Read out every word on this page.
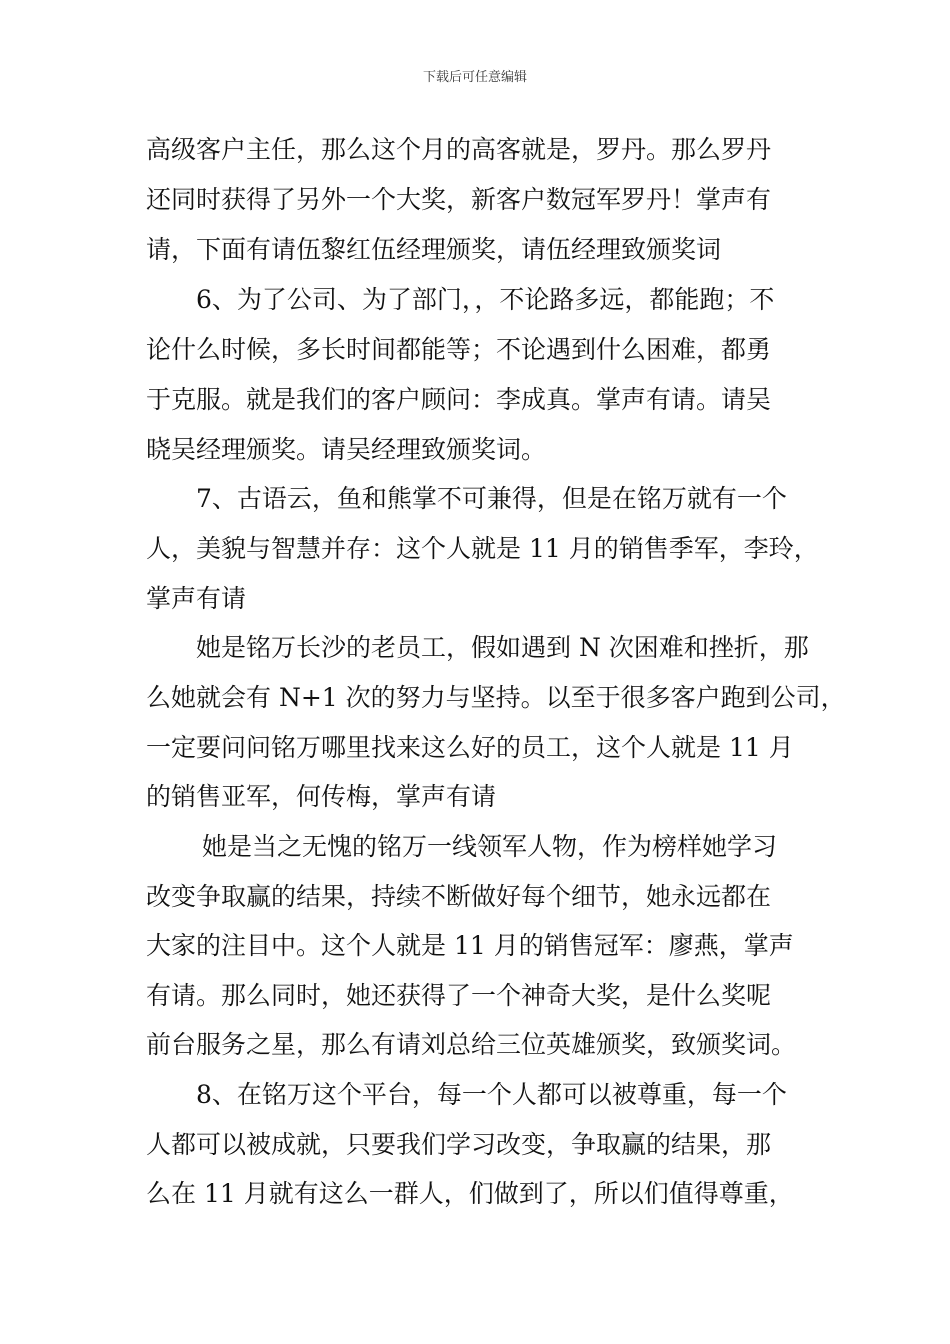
下载后可任意编辑
高级客户主任，那么这个月的高客就是，罗丹。那么罗丹
还同时获得了另外一个大奖，新客户数冠军罗丹！掌声有
请，下面有请伍黎红伍经理颁奖，请伍经理致颁奖词
6、为了公司、为了部门，，不论路多远，都能跑；不
论什么时候，多长时间都能等；不论遇到什么困难，都勇
于克服。就是我们的客户顾问：李成真。掌声有请。请吴
晓吴经理颁奖。请吴经理致颁奖词。
7、古语云，鱼和熊掌不可兼得，但是在铭万就有一个
人，美貌与智慧并存：这个人就是 11 月的销售季军，李玲，
掌声有请
她是铭万长沙的老员工，假如遇到 N 次困难和挫折，那
么她就会有 N+1 次的努力与坚持。以至于很多客户跑到公司，
一定要问问铭万哪里找来这么好的员工，这个人就是 11 月
的销售亚军，何传梅，掌声有请
她是当之无愧的铭万一线领军人物，作为榜样她学习
改变争取赢的结果，持续不断做好每个细节，她永远都在
大家的注目中。这个人就是 11 月的销售冠军：廖燕，掌声
有请。那么同时，她还获得了一个神奇大奖，是什么奖呢
前台服务之星，那么有请刘总给三位英雄颁奖，致颁奖词。
8、在铭万这个平台，每一个人都可以被尊重，每一个
人都可以被成就，只要我们学习改变，争取赢的结果，那
么在 11 月就有这么一群人，们做到了，所以们值得尊重，
